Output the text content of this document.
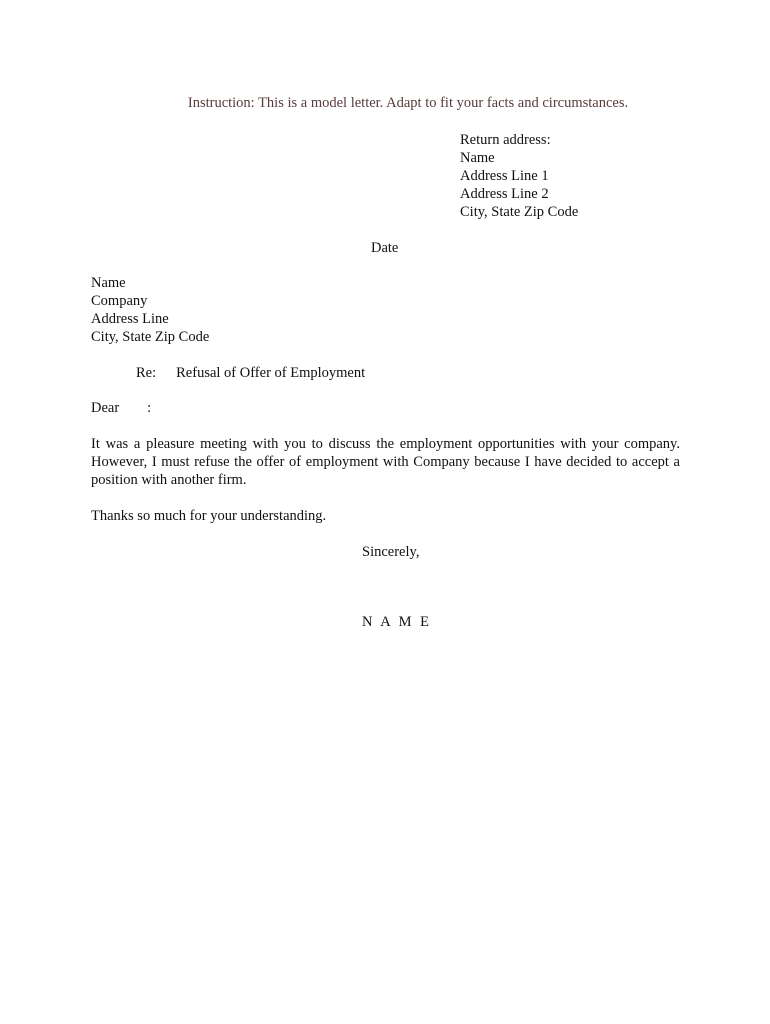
Instruction: This is a model letter. Adapt to fit your facts and circumstances.
Return address:
Name
Address Line 1
Address Line 2
City, State Zip Code
Date
Name
Company
Address Line
City, State Zip Code
Re: Refusal of Offer of Employment
Dear :
It was a pleasure meeting with you to discuss the employment opportunities with your company. However, I must refuse the offer of employment with Company because I have decided to accept a position with another firm.
Thanks so much for your understanding.
Sincerely,
N A M E
